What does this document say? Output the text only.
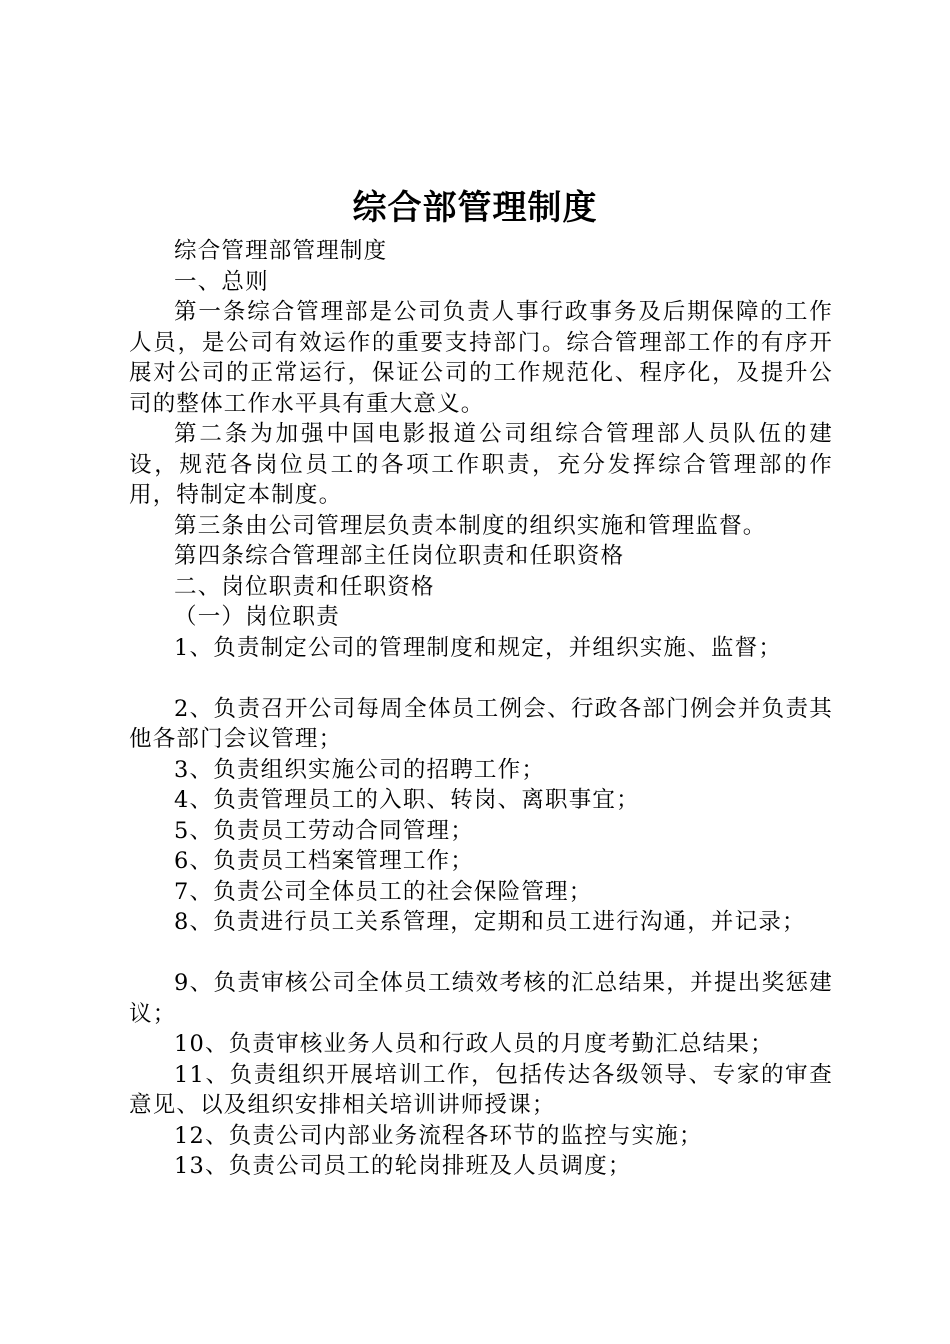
综合部管理制度

综合管理部管理制度

一、总则

第一条综合管理部是公司负责人事行政事务及后期保障的工作人员，是公司有效运作的重要支持部门。综合管理部工作的有序开展对公司的正常运行，保证公司的工作规范化、程序化，及提升公司的整体工作水平具有重大意义。

第二条为加强中国电影报道公司组综合管理部人员队伍的建设，规范各岗位员工的各项工作职责，充分发挥综合管理部的作用，特制定本制度。

第三条由公司管理层负责本制度的组织实施和管理监督。

第四条综合管理部主任岗位职责和任职资格

二、岗位职责和任职资格

（一）岗位职责

1、负责制定公司的管理制度和规定，并组织实施、监督；

2、负责召开公司每周全体员工例会、行政各部门例会并负责其他各部门会议管理；

3、负责组织实施公司的招聘工作；

4、负责管理员工的入职、转岗、离职事宜；

5、负责员工劳动合同管理；

6、负责员工档案管理工作；

7、负责公司全体员工的社会保险管理；

8、负责进行员工关系管理，定期和员工进行沟通，并记录；

9、负责审核公司全体员工绩效考核的汇总结果，并提出奖惩建议；

10、负责审核业务人员和行政人员的月度考勤汇总结果；

11、负责组织开展培训工作，包括传达各级领导、专家的审查意见、以及组织安排相关培训讲师授课；

12、负责公司内部业务流程各环节的监控与实施；

13、负责公司员工的轮岗排班及人员调度；
